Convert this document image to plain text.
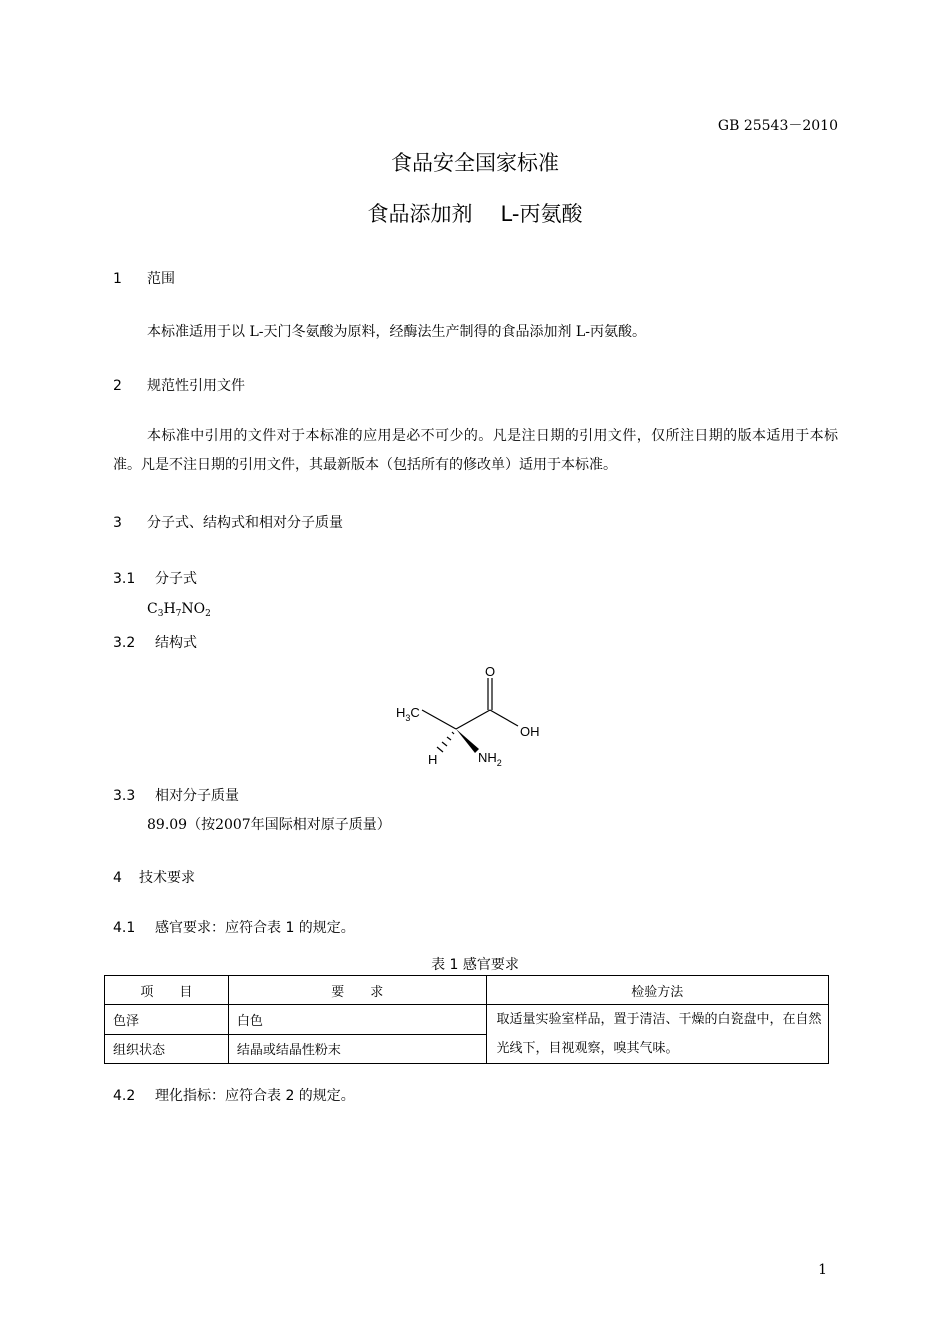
GB 25543－2010
食品安全国家标准
食品添加剂 L-丙氨酸
1 范围
本标准适用于以 L-天门冬氨酸为原料，经酶法生产制得的食品添加剂 L-丙氨酸。
2 规范性引用文件
本标准中引用的文件对于本标准的应用是必不可少的。凡是注日期的引用文件，仅所注日期的版本适用于本标准。凡是不注日期的引用文件，其最新版本（包括所有的修改单）适用于本标准。
3 分子式、结构式和相对分子质量
3.1 分子式
$C_3H_7NO_2$
3.2 结构式
$H_3C$
O
OH
H	$NH_2$
3.3 相对分子质量
89.09（按2007年国际相对原子质量）
4 技术要求
4.1 感官要求：应符合表 1 的规定。
表 1 感官要求
项　　目	要　　求	检验方法
色泽	白色	取适量实验室样品，置于清洁、干燥的白瓷盘中，在自然光线下，目视观察，嗅其气味。
组织状态	结晶或结晶性粉末	
4.2 理化指标：应符合表 2 的规定。
1
